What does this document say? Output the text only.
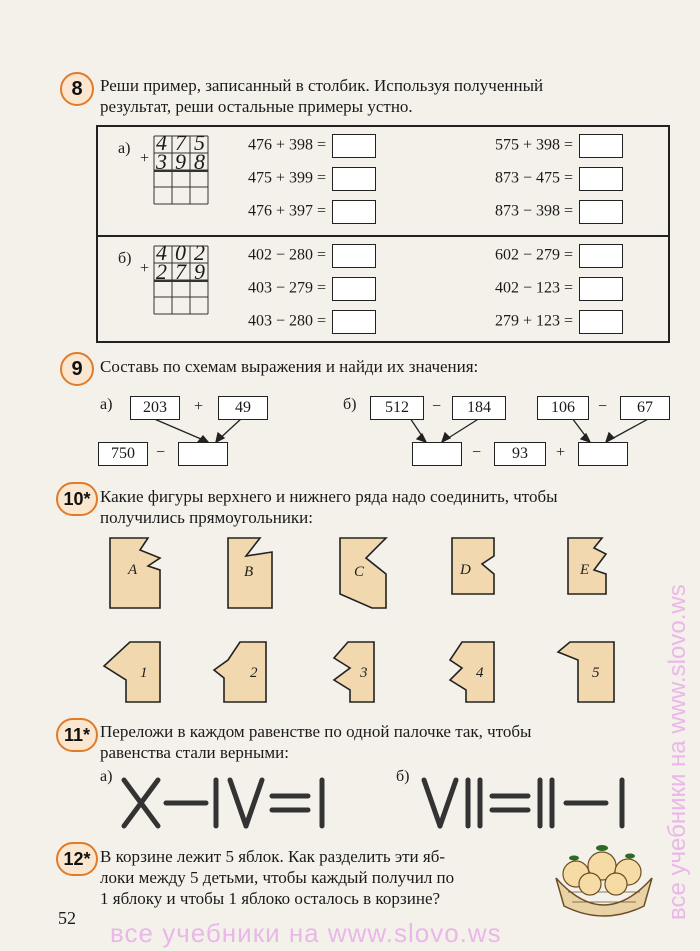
8	Реши пример, записанный в столбик. Используя полученный
результат, реши остальные примеры устно.
а)
+
475
398
476 + 398 =
475 + 399 =
476 + 397 =
575 + 398 =
873 − 475 =
873 − 398 =
б)
+
402
279
402 − 280 =
403 − 279 =
403 − 280 =
602 − 279 =
402 − 123 =
279 + 123 =
9	Составь по схемам выражения и найди их значения:
а)	203	+	49
750	−
б)	512	−	184	106	−	67
−	93	+
10* Какие фигуры верхнего и нижнего ряда надо соединить, чтобы
получились прямоугольники:
A	B	C	D	E
1	2	3	4	5
11* Переложи в каждом равенстве по одной палочке так, чтобы
равенства стали верными:
а)	б)
12* В корзине лежит 5 яблок. Как разделить эти яб-
локи между 5 детьми, чтобы каждый получил по
1 яблоку и чтобы 1 яблоко осталось в корзине?
52 все учебники на www.slovo.ws
все учебники на www.slovo.ws
